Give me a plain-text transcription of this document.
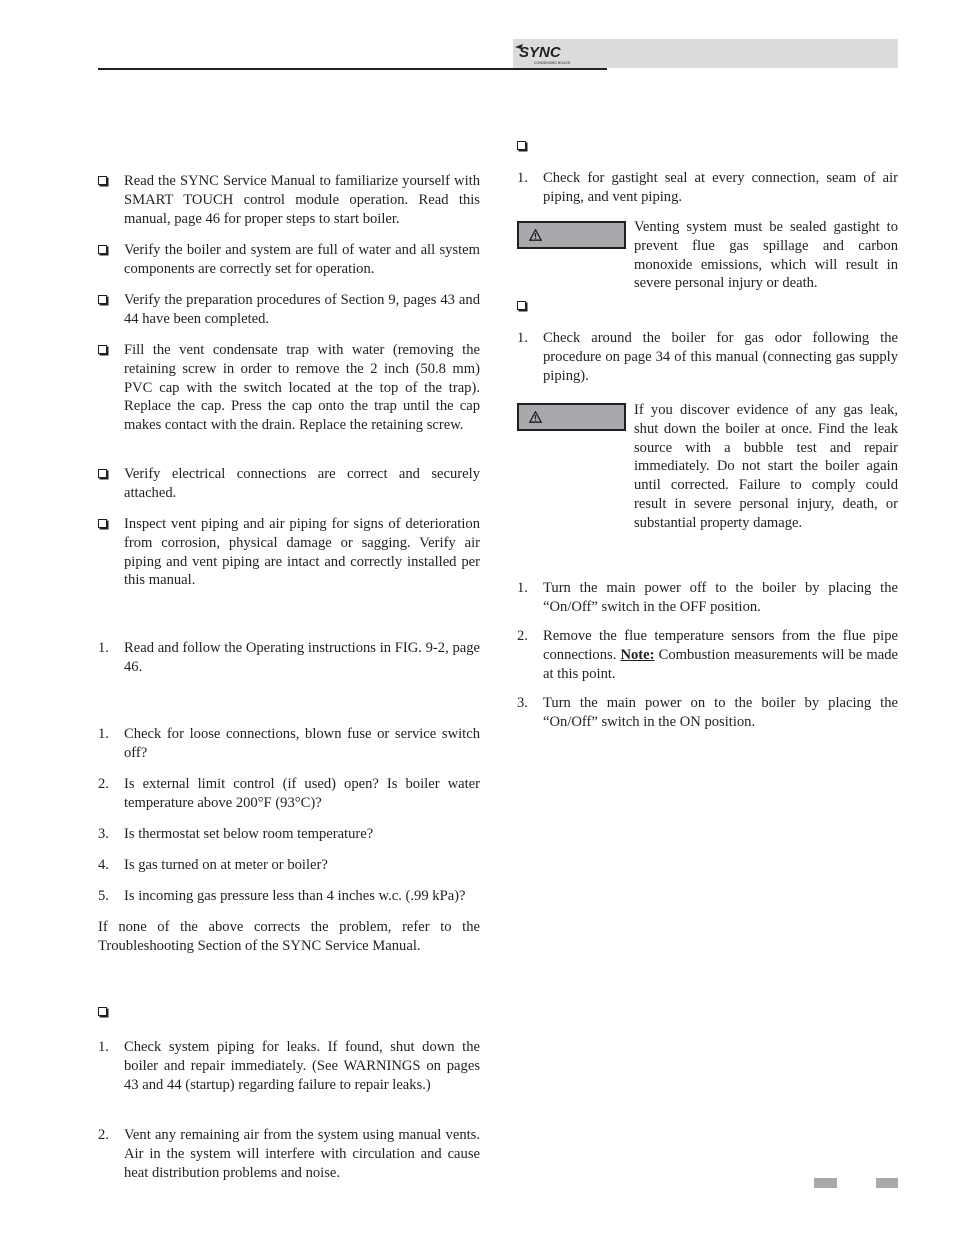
SYNC
CONDENSING BOILER
Read the SYNC Service Manual to familiarize yourself with SMART TOUCH control module operation. Read this manual, page 46 for proper steps to start boiler.
Verify the boiler and system are full of water and all system components are correctly set for operation.
Verify the preparation procedures of Section 9, pages 43 and 44 have been completed.
Fill the vent condensate trap with water (removing the retaining screw in order to remove the 2 inch (50.8 mm) PVC cap with the switch located at the top of the trap). Replace the cap. Press the cap onto the trap until the cap makes contact with the drain. Replace the retaining screw.
Verify electrical connections are correct and securely attached.
Inspect vent piping and air piping for signs of deterioration from corrosion, physical damage or sagging. Verify air piping and vent piping are intact and correctly installed per this manual.
1. Read and follow the Operating instructions in FIG. 9-2, page 46.
1. Check for loose connections, blown fuse or service switch off?
2. Is external limit control (if used) open? Is boiler water temperature above 200°F (93°C)?
3. Is thermostat set below room temperature?
4. Is gas turned on at meter or boiler?
5. Is incoming gas pressure less than 4 inches w.c. (.99 kPa)?
If none of the above corrects the problem, refer to the Troubleshooting Section of the SYNC Service Manual.
1. Check system piping for leaks. If found, shut down the boiler and repair immediately. (See WARNINGS on pages 43 and 44 (startup) regarding failure to repair leaks.)
2. Vent any remaining air from the system using manual vents. Air in the system will interfere with circulation and cause heat distribution problems and noise.
1. Check for gastight seal at every connection, seam of air piping, and vent piping.
Venting system must be sealed gastight to prevent flue gas spillage and carbon monoxide emissions, which will result in severe personal injury or death.
1. Check around the boiler for gas odor following the procedure on page 34 of this manual (connecting gas supply piping).
If you discover evidence of any gas leak, shut down the boiler at once. Find the leak source with a bubble test and repair immediately. Do not start the boiler again until corrected. Failure to comply could result in severe personal injury, death, or substantial property damage.
1. Turn the main power off to the boiler by placing the “On/Off” switch in the OFF position.
2. Remove the flue temperature sensors from the flue pipe connections. Note: Combustion measurements will be made at this point.
3. Turn the main power on to the boiler by placing the “On/Off” switch in the ON position.
